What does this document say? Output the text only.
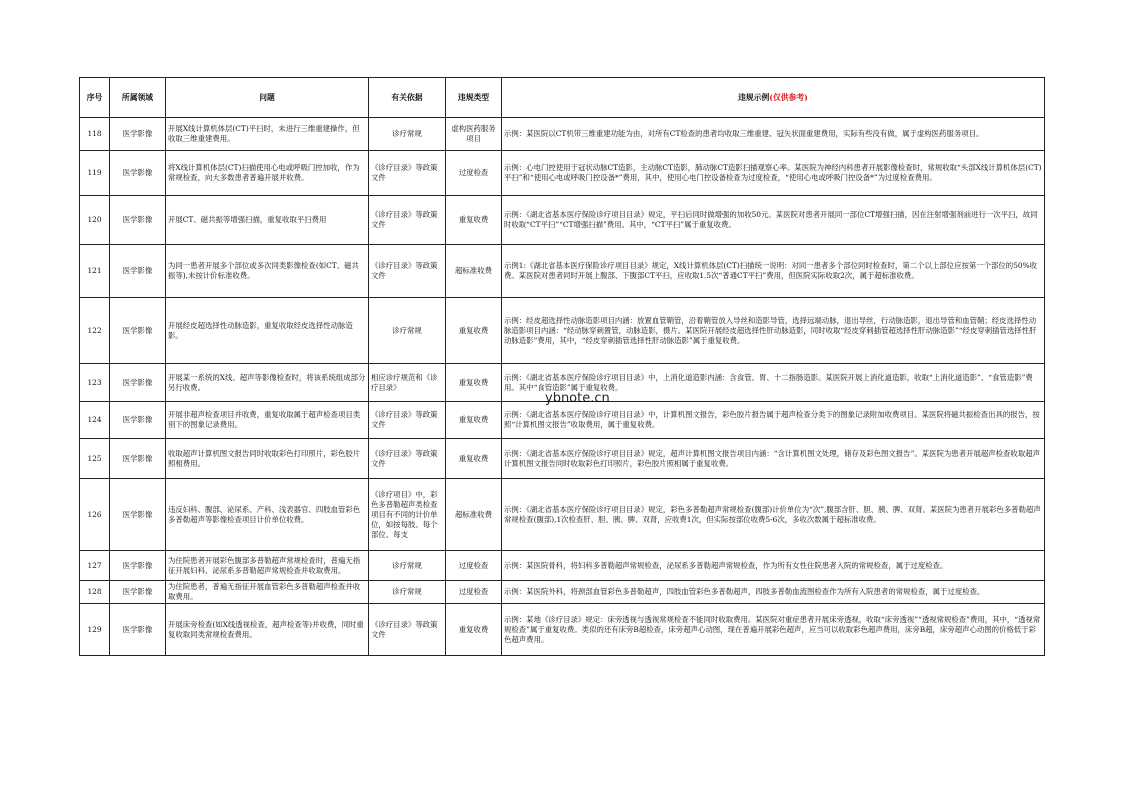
序号	所属领域	问题	有关依据	违规类型	违规示例(仅供参考)

118	医学影像	开展X线计算机体层(CT)平扫时，未进行三维重建操作，但收取三维重建费用。	诊疗常规	虚构医药服务项目	示例：某医院以CT机带三维重建功能为由，对所有CT检查的患者均收取三维重建、冠矢状面重建费用，实际有些没有做，属于虚构医药服务项目。

119	医学影像	将X线计算机体层(CT)扫描使用心电或呼吸门控加收，作为常规检查，向大多数患者普遍开展并收费。	《诊疗目录》等政策文件	过度检查	示例：心电门控使用于冠状动脉CT造影，主动脉CT造影，肺动脉CT造影扫描观察心率。某医院为神经内科患者开展影像检查时，常规收取“头部X线计算机体层(CT)平扫”和“使用心电或呼吸门控设备*”费用，其中，使用心电门控设备检查为过度检查，“使用心电或呼吸门控设备*”为过度检查费用。

120	医学影像	开展CT、磁共振等增强扫描，重复收取平扫费用	《诊疗目录》等政策文件	重复收费	示例：《湖北省基本医疗保险诊疗项目目录》规定，平扫后同时做增强的加收50元。某医院对患者开展同一部位CT增强扫描，因在注射增强剂前进行一次平扫，故同时收取“CT平扫”“CT增强扫描”费用。其中，“CT平扫”属于重复收费。

121	医学影像	为同一患者开展多个部位或多次同类影像检查(如CT、磁共振等),未按计价标准收费。	《诊疗目录》等政策文件	超标准收费	示例1:《湖北省基本医疗保险诊疗项目目录》规定，X线计算机体层(CT)扫描统一说明：对同一患者多个部位同时检查时，第二个以上部位应按第一个部位的50%收费。某医院对患者同时开展上腹部、下腹部CT平扫，应收取1.5次“普通CT平扫”费用，但医院实际收取2次，属于超标准收费。

122	医学影像	开展经皮超选择性动脉造影，重复收取经皮选择性动脉造影。	诊疗常规	重复收费	示例：经皮超选择性动脉造影项目内涵：放置血管鞘管，沿着鞘管放入导丝和造影导管，选择远端动脉，退出导丝，行动脉造影，退出导管和血管鞘；经皮选择性动脉造影项目内涵：“经动脉穿刺置管，动脉造影，摄片。某医院开展经皮超选择性肝动脉造影，同时收取“经皮穿刺插管超选择性肝动脉造影”“经皮穿刺插管选择性肝动脉造影”费用，其中，“经皮穿刺插管选择性肝动脉造影”属于重复收费。

123	医学影像	开展某一系统的X线、超声等影像检查时，将该系统组成部分另行收费。	相应诊疗规范和《诊疗目录》	重复收费	示例：《湖北省基本医疗保险诊疗项目目录》中，上消化道造影内涵：含食管、胃、十二指肠造影。某医院开展上消化道造影，收取“上消化道造影”、“食管造影”费用。其中“食管造影”属于重复收费。

124	医学影像	开展非超声检查项目并收费，重复收取属于超声检查项目类别下的图象记录费用。	《诊疗目录》等政策文件	重复收费	示例：《湖北省基本医疗保险诊疗项目目录》中，计算机图文报告，彩色胶片报告属于超声检查分类下的图象记录附加收费项目。某医院将磁共振检查出具的报告，按照“计算机图文报告”收取费用，属于重复收费。

125	医学影像	收取超声计算机图文报告同时收取彩色打印照片，彩色胶片照相费用。	《诊疗目录》等政策文件	重复收费	示例：《湖北省基本医疗保险诊疗项目目录》规定，超声计算机图文报告项目内涵：“含计算机图文处理，储存及彩色图文报告”。某医院为患者开展超声检查收取超声计算机图文报告同时收取彩色打印照片，彩色胶片照相属于重复收费。

126	医学影像	违反妇科、腹部、泌尿系、产科、浅表器官、四肢血管彩色多普勒超声等影像检查项目计价单位收费。	《诊疗项目》中，彩色多普勒超声类检查项目有不同的计价单位，如按每肢、每个部位、每支	超标准收费	示例：《湖北省基本医疗保险诊疗项目目录》规定，彩色多普勒超声常规检查(腹部)计价单位为“次”,腹部含肝、胆、胰、脾、双肾。某医院为患者开展彩色多普勒超声常规检查(腹部),1次检查肝、胆、胰、脾、双肾，应收费1次，但实际按部位收费5-6次，多收次数属于超标准收费。

127	医学影像	为住院患者开展彩色腹部多普勒超声常规检查时，普遍无指征开展妇科、泌尿系多普勒超声常规检查并收取费用。	诊疗常规	过度检查	示例：某医院骨科，将妇科多普勒超声常规检查，泌尿系多普勒超声常规检查，作为所有女性住院患者入院的常规检查，属于过度检查。

128	医学影像	为住院患者，普遍无指征开展血管彩色多普勒超声检查并收取费用。	诊疗常规	过度检查	示例：某医院外科，将颈部血管彩色多普勒超声，四肢血管彩色多普勒超声，四肢多普勒血流图检查作为所有入院患者的常规检查，属于过度检查。

129	医学影像	开展床旁检查(如X线透视检查，超声检查等)并收费，同时重复收取同类常规检查费用。	《诊疗目录》等政策文件	重复收费	示例：某地《诊疗目录》规定：床旁透视与透视常规检查不能同时收取费用。某医院对重症患者开展床旁透视，收取“床旁透视”“透视常规检查”费用，其中，“透视常规检查”属于重复收费。类似的还有床旁B超检查，床旁超声心动图，现在普遍开展彩色超声，应当可以收取彩色超声费用，床旁B超，床旁超声心动图的价格低于彩色超声费用。
ybnote.cn
